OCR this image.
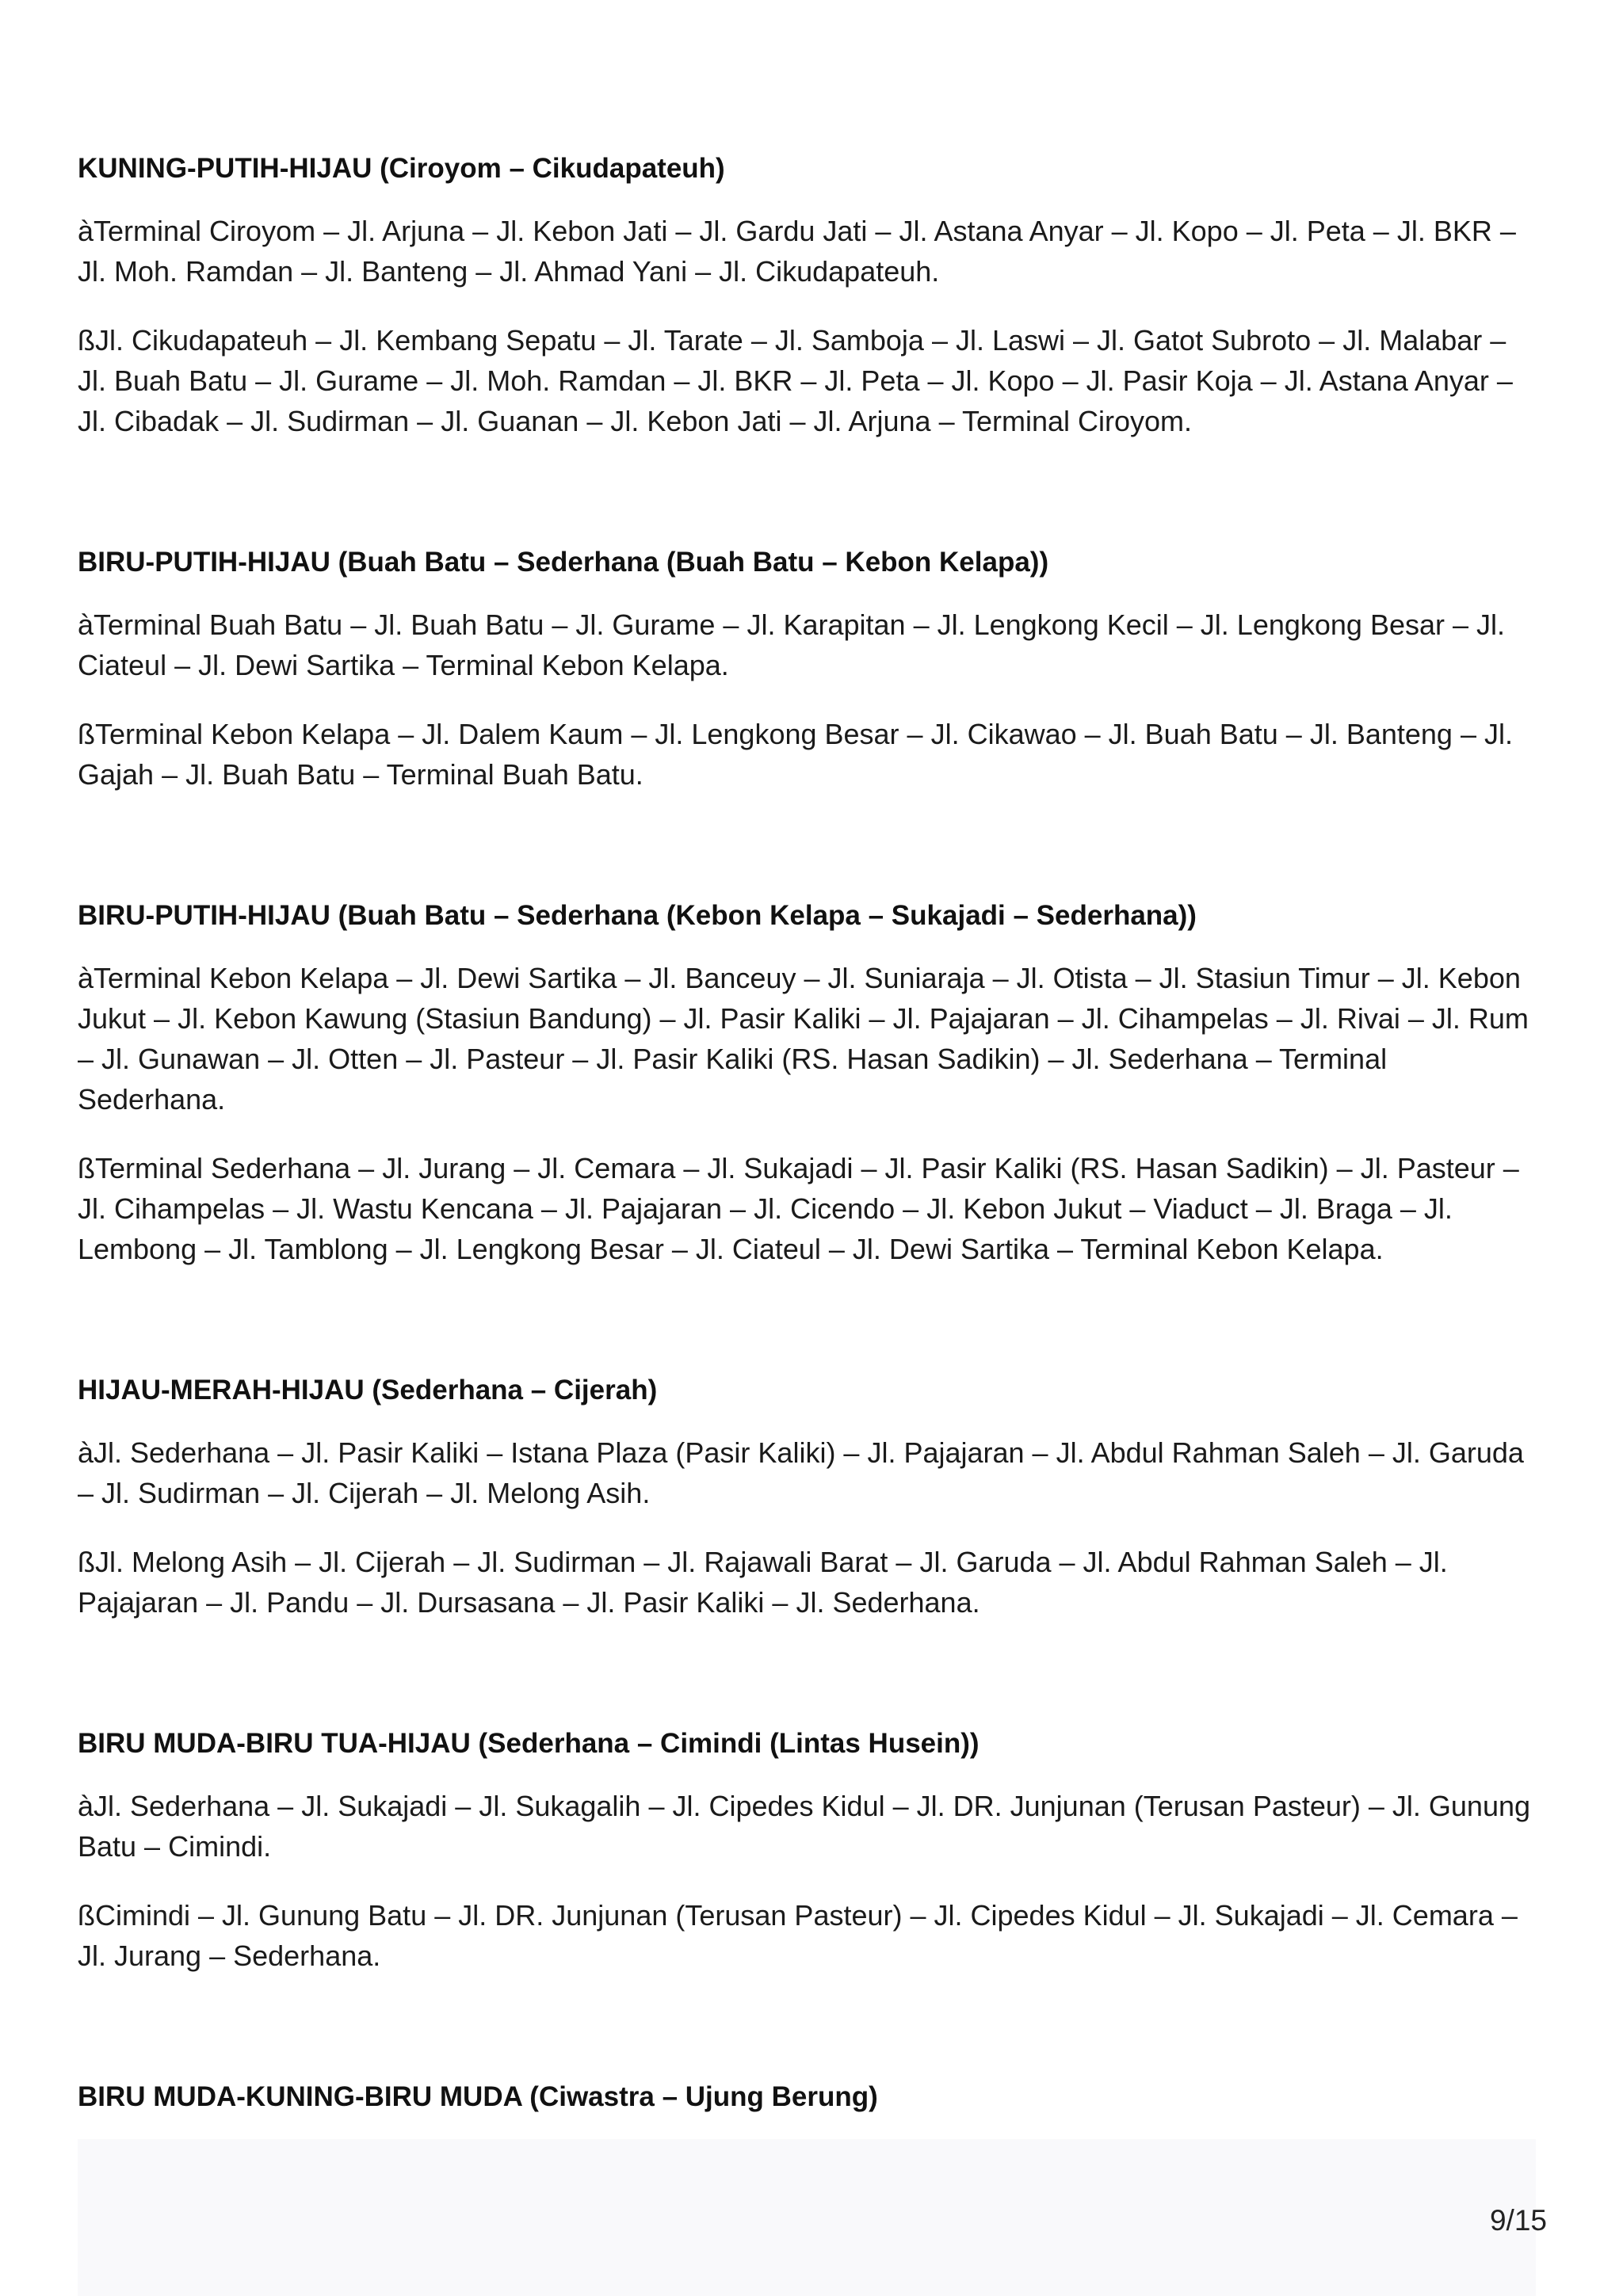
KUNING-PUTIH-HIJAU (Ciroyom – Cikudapateuh)

àTerminal Ciroyom – Jl. Arjuna – Jl. Kebon Jati – Jl. Gardu Jati – Jl. Astana Anyar – Jl. Kopo – Jl. Peta – Jl. BKR – Jl. Moh. Ramdan – Jl. Banteng – Jl. Ahmad Yani – Jl. Cikudapateuh.

ßJl. Cikudapateuh – Jl. Kembang Sepatu – Jl. Tarate – Jl. Samboja – Jl. Laswi – Jl. Gatot Subroto – Jl. Malabar – Jl. Buah Batu – Jl. Gurame – Jl. Moh. Ramdan – Jl. BKR – Jl. Peta – Jl. Kopo – Jl. Pasir Koja – Jl. Astana Anyar – Jl. Cibadak – Jl. Sudirman – Jl. Guanan – Jl. Kebon Jati – Jl. Arjuna – Terminal Ciroyom.

BIRU-PUTIH-HIJAU (Buah Batu – Sederhana (Buah Batu – Kebon Kelapa))

àTerminal Buah Batu – Jl. Buah Batu – Jl. Gurame – Jl. Karapitan – Jl. Lengkong Kecil – Jl. Lengkong Besar – Jl. Ciateul – Jl. Dewi Sartika – Terminal Kebon Kelapa.

ßTerminal Kebon Kelapa – Jl. Dalem Kaum – Jl. Lengkong Besar – Jl. Cikawao – Jl. Buah Batu – Jl. Banteng – Jl. Gajah – Jl. Buah Batu – Terminal Buah Batu.

BIRU-PUTIH-HIJAU (Buah Batu – Sederhana (Kebon Kelapa – Sukajadi – Sederhana))

àTerminal Kebon Kelapa – Jl. Dewi Sartika – Jl. Banceuy – Jl. Suniaraja – Jl. Otista – Jl. Stasiun Timur – Jl. Kebon Jukut – Jl. Kebon Kawung (Stasiun Bandung) – Jl. Pasir Kaliki – Jl. Pajajaran – Jl. Cihampelas – Jl. Rivai – Jl. Rum – Jl. Gunawan – Jl. Otten – Jl. Pasteur – Jl. Pasir Kaliki (RS. Hasan Sadikin) – Jl. Sederhana – Terminal Sederhana.

ßTerminal Sederhana – Jl. Jurang – Jl. Cemara – Jl. Sukajadi – Jl. Pasir Kaliki (RS. Hasan Sadikin) – Jl. Pasteur – Jl. Cihampelas – Jl. Wastu Kencana – Jl. Pajajaran – Jl. Cicendo – Jl. Kebon Jukut – Viaduct – Jl. Braga – Jl. Lembong – Jl. Tamblong – Jl. Lengkong Besar – Jl. Ciateul – Jl. Dewi Sartika – Terminal Kebon Kelapa.

HIJAU-MERAH-HIJAU (Sederhana – Cijerah)

àJl. Sederhana – Jl. Pasir Kaliki – Istana Plaza (Pasir Kaliki) – Jl. Pajajaran – Jl. Abdul Rahman Saleh – Jl. Garuda – Jl. Sudirman – Jl. Cijerah – Jl. Melong Asih.

ßJl. Melong Asih – Jl. Cijerah – Jl. Sudirman – Jl. Rajawali Barat – Jl. Garuda – Jl. Abdul Rahman Saleh – Jl. Pajajaran – Jl. Pandu – Jl. Dursasana – Jl. Pasir Kaliki – Jl. Sederhana.

BIRU MUDA-BIRU TUA-HIJAU (Sederhana – Cimindi (Lintas Husein))

àJl. Sederhana – Jl. Sukajadi – Jl. Sukagalih – Jl. Cipedes Kidul – Jl. DR. Junjunan (Terusan Pasteur) – Jl. Gunung Batu – Cimindi.

ßCimindi – Jl. Gunung Batu – Jl. DR. Junjunan (Terusan Pasteur) – Jl. Cipedes Kidul – Jl. Sukajadi – Jl. Cemara – Jl. Jurang – Sederhana.

BIRU MUDA-KUNING-BIRU MUDA (Ciwastra – Ujung Berung)
9/15
